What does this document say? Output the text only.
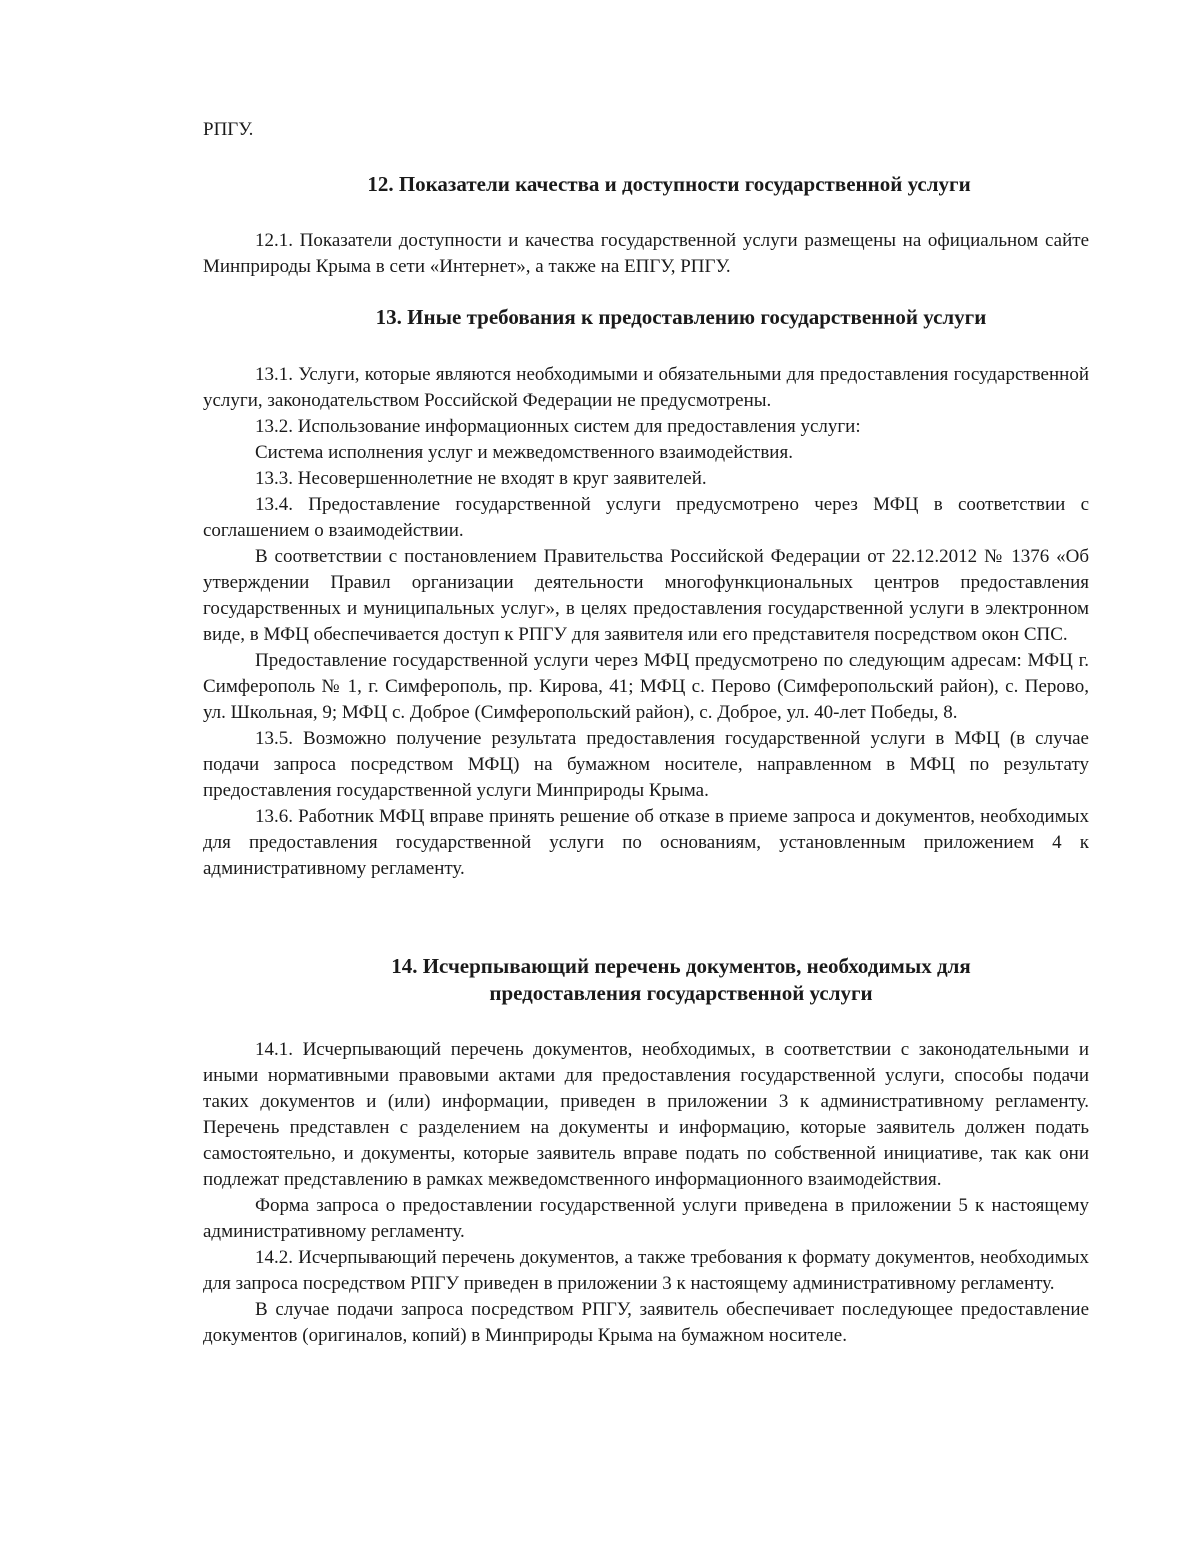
РПГУ.

12. Показатели качества и доступности государственной услуги

12.1. Показатели доступности и качества государственной услуги размещены на официальном сайте Минприроды Крыма в сети «Интернет», а также на ЕПГУ, РПГУ.

13. Иные требования к предоставлению государственной услуги

13.1. Услуги, которые являются необходимыми и обязательными для предоставления государственной услуги, законодательством Российской Федерации не предусмотрены.

13.2. Использование информационных систем для предоставления услуги:

Система исполнения услуг и межведомственного взаимодействия.

13.3. Несовершеннолетние не входят в круг заявителей.

13.4. Предоставление государственной услуги предусмотрено через МФЦ в соответствии с соглашением о взаимодействии.

В соответствии с постановлением Правительства Российской Федерации от 22.12.2012 № 1376 «Об утверждении Правил организации деятельности многофункциональных центров предоставления государственных и муниципальных услуг», в целях предоставления государственной услуги в электронном виде, в МФЦ обеспечивается доступ к РПГУ для заявителя или его представителя посредством окон СПС.

Предоставление государственной услуги через МФЦ предусмотрено по следующим адресам: МФЦ г. Симферополь № 1, г. Симферополь, пр. Кирова, 41; МФЦ с. Перово (Симферопольский район), с. Перово, ул. Школьная, 9; МФЦ с. Доброе (Симферопольский район), с. Доброе, ул. 40-лет Победы, 8.

13.5. Возможно получение результата предоставления государственной услуги в МФЦ (в случае подачи запроса посредством МФЦ) на бумажном носителе, направленном в МФЦ по результату предоставления государственной услуги Минприроды Крыма.

13.6. Работник МФЦ вправе принять решение об отказе в приеме запроса и документов, необходимых для предоставления государственной услуги по основаниям, установленным приложением 4 к административному регламенту.

14. Исчерпывающий перечень документов, необходимых для
предоставления государственной услуги

14.1. Исчерпывающий перечень документов, необходимых, в соответствии с законодательными и иными нормативными правовыми актами для предоставления государственной услуги, способы подачи таких документов и (или) информации, приведен в приложении 3 к административному регламенту. Перечень представлен с разделением на документы и информацию, которые заявитель должен подать самостоятельно, и документы, которые заявитель вправе подать по собственной инициативе, так как они подлежат представлению в рамках межведомственного информационного взаимодействия.

Форма запроса о предоставлении государственной услуги приведена в приложении 5 к настоящему административному регламенту.

14.2. Исчерпывающий перечень документов, а также требования к формату документов, необходимых для запроса посредством РПГУ приведен в приложении 3 к настоящему административному регламенту.

В случае подачи запроса посредством РПГУ, заявитель обеспечивает последующее предоставление документов (оригиналов, копий) в Минприроды Крыма на бумажном носителе.
